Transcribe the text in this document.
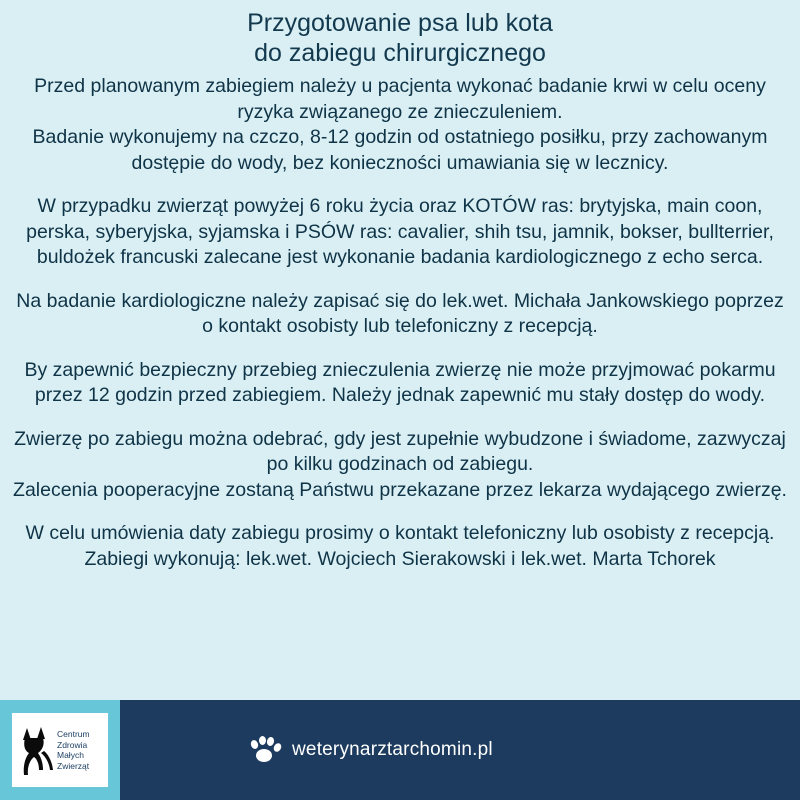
Przygotowanie psa lub kota
do zabiegu chirurgicznego

Przed planowanym zabiegiem należy u pacjenta wykonać badanie krwi w celu oceny ryzyka związanego ze znieczuleniem.

Badanie wykonujemy na czczo, 8-12 godzin od ostatniego posiłku, przy zachowanym dostępie do wody, bez konieczności umawiania się w lecznicy.

W przypadku zwierząt powyżej 6 roku życia oraz KOTÓW ras: brytyjska, main coon, perska, syberyjska, syjamska i PSÓW ras: cavalier, shih tsu, jamnik, bokser, bullterrier, buldożek francuski zalecane jest wykonanie badania kardiologicznego z echo serca.

Na badanie kardiologiczne należy zapisać się do lek.wet. Michała Jankowskiego poprzez o kontakt osobisty lub telefoniczny z recepcją.

By zapewnić bezpieczny przebieg znieczulenia zwierzę nie może przyjmować pokarmu przez 12 godzin przed zabiegiem. Należy jednak zapewnić mu stały dostęp do wody.

Zwierzę po zabiegu można odebrać, gdy jest zupełnie wybudzone i świadome, zazwyczaj po kilku godzinach od zabiegu.

Zalecenia pooperacyjne zostaną Państwu przekazane przez lekarza wydającego zwierzę.

W celu umówienia daty zabiegu prosimy o kontakt telefoniczny lub osobisty z recepcją.

Zabiegi wykonują: lek.wet. Wojciech Sierakowski i lek.wet. Marta Tchorek

Centrum
Zdrowia
Małych
Zwierząt
weterynarztarchomin.pl
